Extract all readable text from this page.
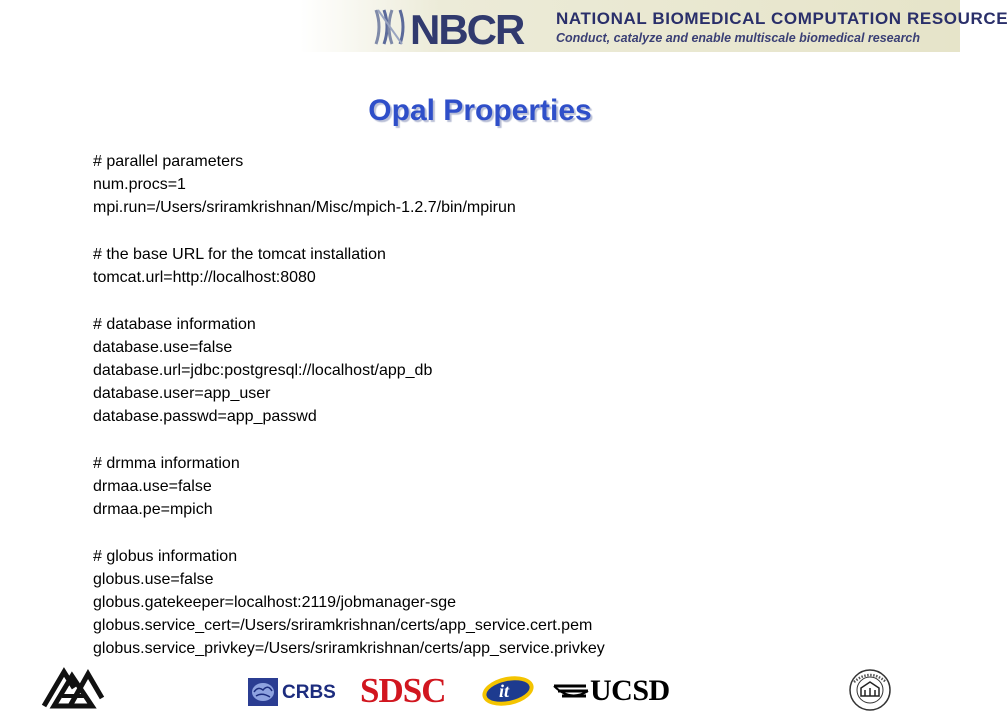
NBCR NATIONAL BIOMEDICAL COMPUTATION RESOURCE
Conduct, catalyze and enable multiscale biomedical research
Opal Properties
# parallel parameters
num.procs=1
mpi.run=/Users/sriramkrishnan/Misc/mpich-1.2.7/bin/mpirun
# the base URL for the tomcat installation
tomcat.url=http://localhost:8080
# database information
database.use=false
database.url=jdbc:postgresql://localhost/app_db
database.user=app_user
database.passwd=app_passwd
# drmma information
drmaa.use=false
drmaa.pe=mpich
# globus information
globus.use=false
globus.gatekeeper=localhost:2119/jobmanager-sge
globus.service_cert=/Users/sriramkrishnan/certs/app_service.cert.pem
globus.service_privkey=/Users/sriramkrishnan/certs/app_service.privkey
CRBS SDSC	it	UCSD
